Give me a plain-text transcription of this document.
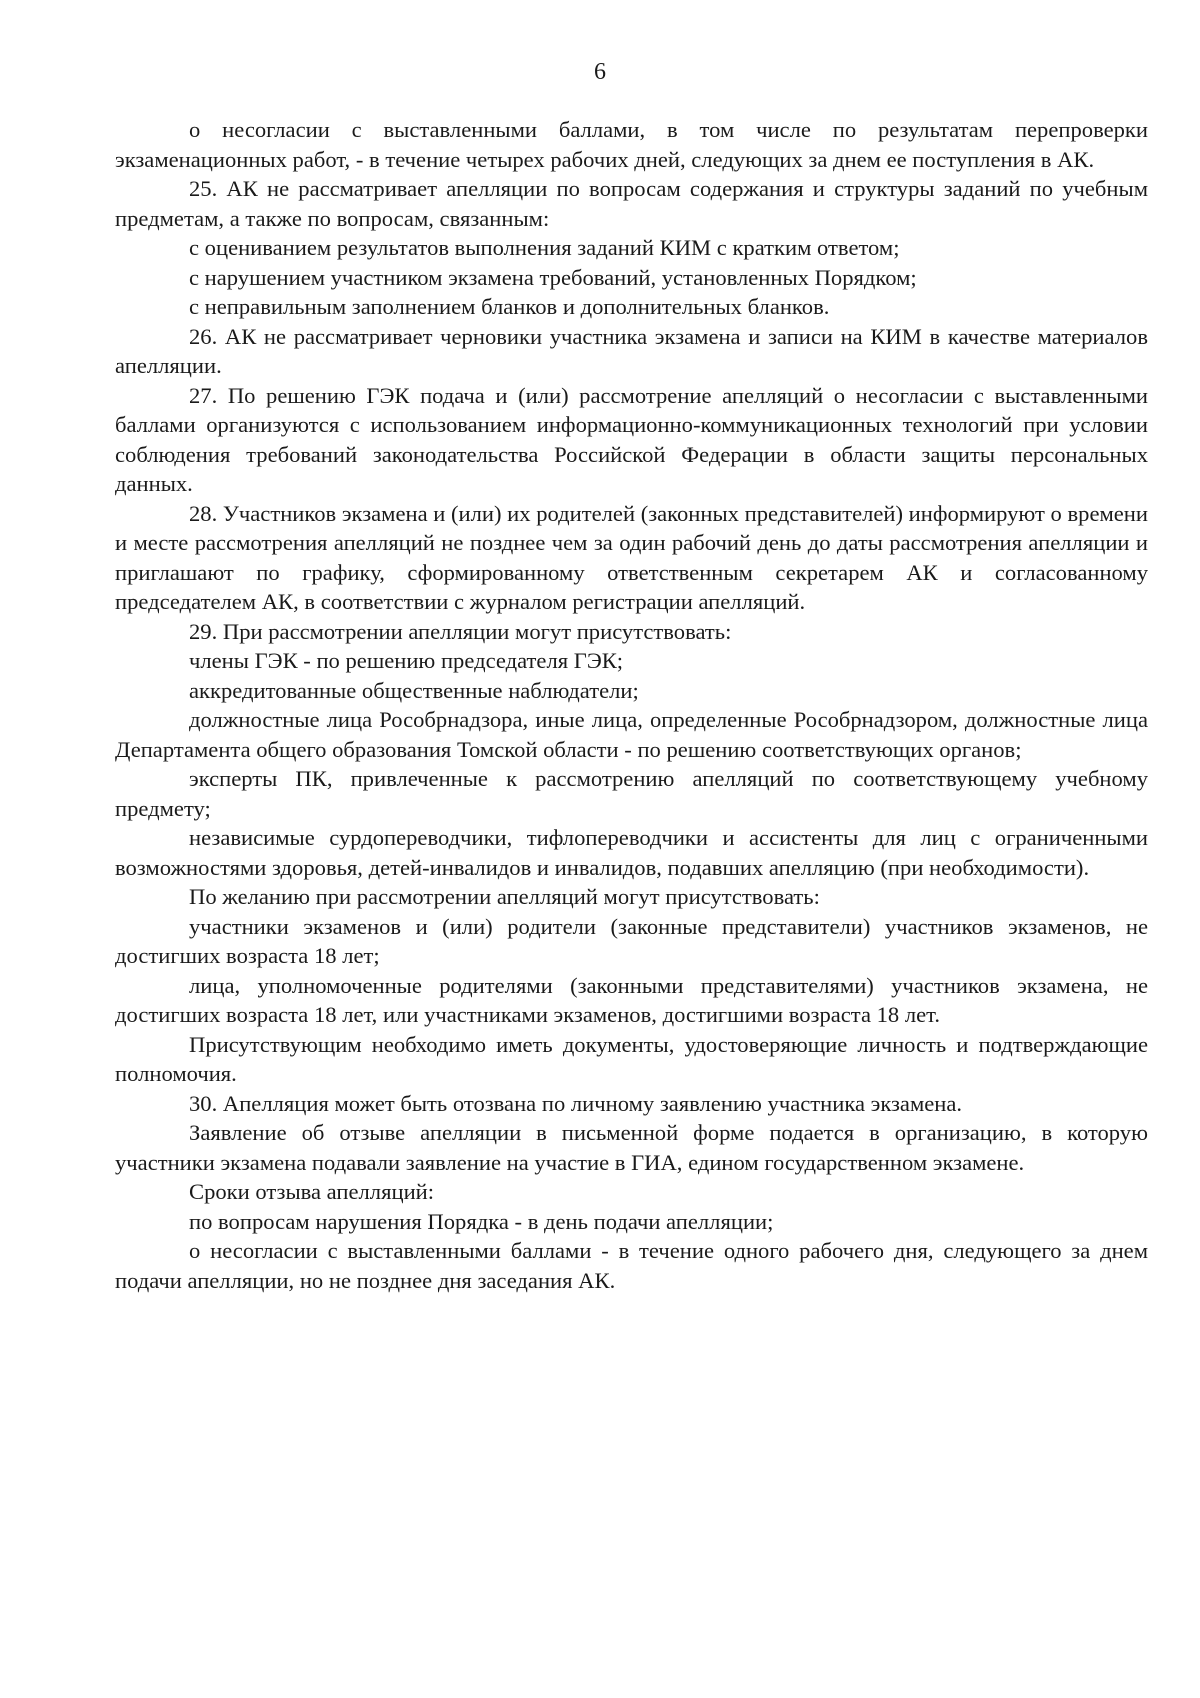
6

о несогласии с выставленными баллами, в том числе по результатам перепроверки экзаменационных работ, - в течение четырех рабочих дней, следующих за днем ее поступления в АК.

25. АК не рассматривает апелляции по вопросам содержания и структуры заданий по учебным предметам, а также по вопросам, связанным:

с оцениванием результатов выполнения заданий КИМ с кратким ответом;

с нарушением участником экзамена требований, установленных Порядком;

с неправильным заполнением бланков и дополнительных бланков.

26. АК не рассматривает черновики участника экзамена и записи на КИМ в качестве материалов апелляции.

27. По решению ГЭК подача и (или) рассмотрение апелляций о несогласии с выставленными баллами организуются с использованием информационно-коммуникационных технологий при условии соблюдения требований законодательства Российской Федерации в области защиты персональных данных.

28. Участников экзамена и (или) их родителей (законных представителей) информируют о времени и месте рассмотрения апелляций не позднее чем за один рабочий день до даты рассмотрения апелляции и приглашают по графику, сформированному ответственным секретарем АК и согласованному председателем АК, в соответствии с журналом регистрации апелляций.

29. При рассмотрении апелляции могут присутствовать:

члены ГЭК - по решению председателя ГЭК;

аккредитованные общественные наблюдатели;

должностные лица Рособрнадзора, иные лица, определенные Рособрнадзором, должностные лица Департамента общего образования Томской области - по решению соответствующих органов;

эксперты ПК, привлеченные к рассмотрению апелляций по соответствующему учебному предмету;

независимые сурдопереводчики, тифлопереводчики и ассистенты для лиц с ограниченными возможностями здоровья, детей-инвалидов и инвалидов, подавших апелляцию (при необходимости).

По желанию при рассмотрении апелляций могут присутствовать:

участники экзаменов и (или) родители (законные представители) участников экзаменов, не достигших возраста 18 лет;

лица, уполномоченные родителями (законными представителями) участников экзамена, не достигших возраста 18 лет, или участниками экзаменов, достигшими возраста 18 лет.

Присутствующим необходимо иметь документы, удостоверяющие личность и подтверждающие полномочия.

30. Апелляция может быть отозвана по личному заявлению участника экзамена.

Заявление об отзыве апелляции в письменной форме подается в организацию, в которую участники экзамена подавали заявление на участие в ГИА, едином государственном экзамене.

Сроки отзыва апелляций:

по вопросам нарушения Порядка - в день подачи апелляции;

о несогласии с выставленными баллами - в течение одного рабочего дня, следующего за днем подачи апелляции, но не позднее дня заседания АК.
